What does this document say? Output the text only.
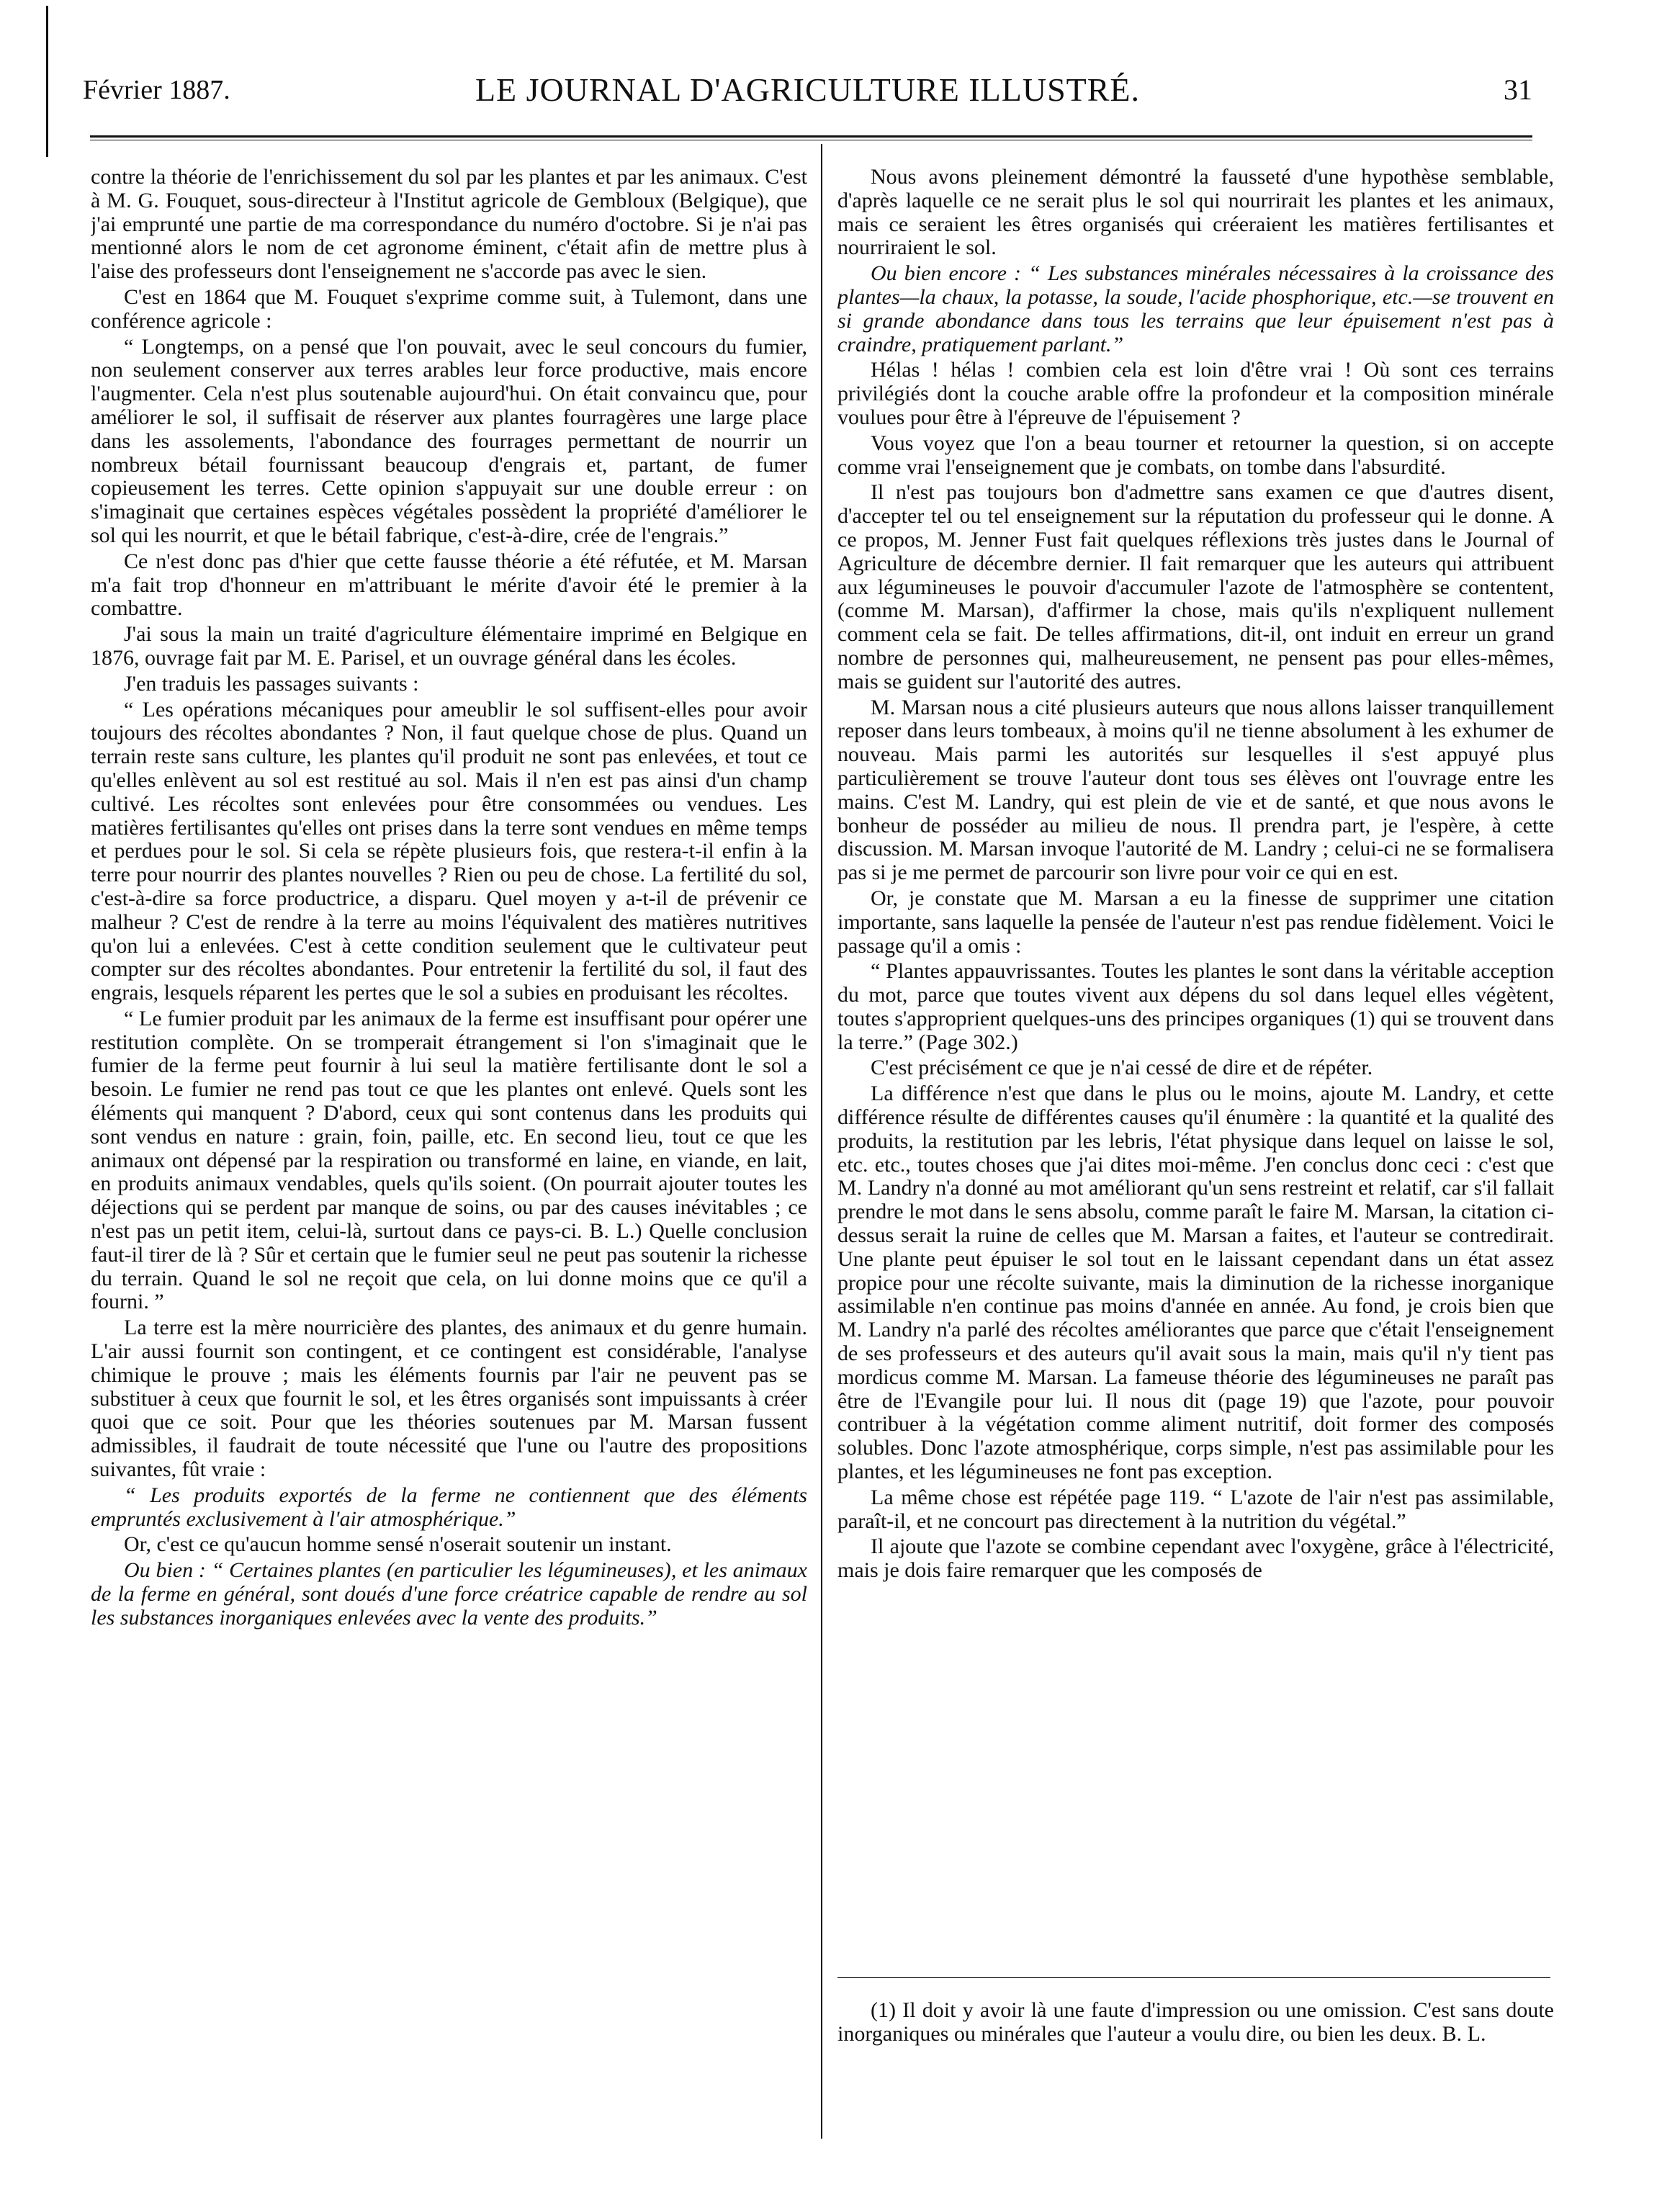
Février 1887.	LE JOURNAL D'AGRICULTURE ILLUSTRÉ.	31

contre la théorie de l'enrichissement du sol par les plantes et par les animaux. C'est à M. G. Fouquet, sous-directeur à l'Institut agricole de Gembloux (Belgique), que j'ai emprunté une partie de ma correspondance du numéro d'octobre. Si je n'ai pas mentionné alors le nom de cet agronome éminent, c'était afin de mettre plus à l'aise des professeurs dont l'enseignement ne s'accorde pas avec le sien.

C'est en 1864 que M. Fouquet s'exprime comme suit, à Tulemont, dans une conférence agricole :

“ Longtemps, on a pensé que l'on pouvait, avec le seul concours du fumier, non seulement conserver aux terres arables leur force productive, mais encore l'augmenter. Cela n'est plus soutenable aujourd'hui. On était convaincu que, pour améliorer le sol, il suffisait de réserver aux plantes fourragères une large place dans les assolements, l'abondance des fourrages permettant de nourrir un nombreux bétail fournissant beaucoup d'engrais et, partant, de fumer copieusement les terres. Cette opinion s'appuyait sur une double erreur : on s'imaginait que certaines espèces végétales possèdent la propriété d'améliorer le sol qui les nourrit, et que le bétail fabrique, c'est-à-dire, crée de l'engrais.”

Ce n'est donc pas d'hier que cette fausse théorie a été réfutée, et M. Marsan m'a fait trop d'honneur en m'attribuant le mérite d'avoir été le premier à la combattre.

J'ai sous la main un traité d'agriculture élémentaire imprimé en Belgique en 1876, ouvrage fait par M. E. Parisel, et un ouvrage général dans les écoles.

J'en traduis les passages suivants :

“ Les opérations mécaniques pour ameublir le sol suffisent-elles pour avoir toujours des récoltes abondantes ? Non, il faut quelque chose de plus. Quand un terrain reste sans culture, les plantes qu'il produit ne sont pas enlevées, et tout ce qu'elles enlèvent au sol est restitué au sol. Mais il n'en est pas ainsi d'un champ cultivé. Les récoltes sont enlevées pour être consommées ou vendues. Les matières fertilisantes qu'elles ont prises dans la terre sont vendues en même temps et perdues pour le sol. Si cela se répète plusieurs fois, que restera-t-il enfin à la terre pour nourrir des plantes nouvelles ? Rien ou peu de chose. La fertilité du sol, c'est-à-dire sa force productrice, a disparu. Quel moyen y a-t-il de prévenir ce malheur ? C'est de rendre à la terre au moins l'équivalent des matières nutritives qu'on lui a enlevées. C'est à cette condition seulement que le cultivateur peut compter sur des récoltes abondantes. Pour entretenir la fertilité du sol, il faut des engrais, lesquels réparent les pertes que le sol a subies en produisant les récoltes.

“ Le fumier produit par les animaux de la ferme est insuffisant pour opérer une restitution complète. On se tromperait étrangement si l'on s'imaginait que le fumier de la ferme peut fournir à lui seul la matière fertilisante dont le sol a besoin. Le fumier ne rend pas tout ce que les plantes ont enlevé. Quels sont les éléments qui manquent ? D'abord, ceux qui sont contenus dans les produits qui sont vendus en nature : grain, foin, paille, etc. En second lieu, tout ce que les animaux ont dépensé par la respiration ou transformé en laine, en viande, en lait, en produits animaux vendables, quels qu'ils soient. (On pourrait ajouter toutes les déjections qui se perdent par manque de soins, ou par des causes inévitables ; ce n'est pas un petit item, celui-là, surtout dans ce pays-ci. B. L.) Quelle conclusion faut-il tirer de là ? Sûr et certain que le fumier seul ne peut pas soutenir la richesse du terrain. Quand le sol ne reçoit que cela, on lui donne moins que ce qu'il a fourni. ”

La terre est la mère nourricière des plantes, des animaux et du genre humain. L'air aussi fournit son contingent, et ce contingent est considérable, l'analyse chimique le prouve ; mais les éléments fournis par l'air ne peuvent pas se substituer à ceux que fournit le sol, et les êtres organisés sont impuissants à créer quoi que ce soit. Pour que les théories soutenues par M. Marsan fussent admissibles, il faudrait de toute nécessité que l'une ou l'autre des propositions suivantes, fût vraie :

“ Les produits exportés de la ferme ne contiennent que des éléments empruntés exclusivement à l'air atmosphérique.”

Or, c'est ce qu'aucun homme sensé n'oserait soutenir un instant.

Ou bien : “ Certaines plantes (en particulier les légumineuses), et les animaux de la ferme en général, sont doués d'une force créatrice capable de rendre au sol les substances inorganiques enlevées avec la vente des produits.”

Nous avons pleinement démontré la fausseté d'une hypothèse semblable, d'après laquelle ce ne serait plus le sol qui nourrirait les plantes et les animaux, mais ce seraient les êtres organisés qui créeraient les matières fertilisantes et nourriraient le sol.

Ou bien encore : “ Les substances minérales nécessaires à la croissance des plantes—la chaux, la potasse, la soude, l'acide phosphorique, etc.—se trouvent en si grande abondance dans tous les terrains que leur épuisement n'est pas à craindre, pratiquement parlant.”

Hélas ! hélas ! combien cela est loin d'être vrai ! Où sont ces terrains privilégiés dont la couche arable offre la profondeur et la composition minérale voulues pour être à l'épreuve de l'épuisement ?

Vous voyez que l'on a beau tourner et retourner la question, si on accepte comme vrai l'enseignement que je combats, on tombe dans l'absurdité.

Il n'est pas toujours bon d'admettre sans examen ce que d'autres disent, d'accepter tel ou tel enseignement sur la réputation du professeur qui le donne. A ce propos, M. Jenner Fust fait quelques réflexions très justes dans le Journal of Agriculture de décembre dernier. Il fait remarquer que les auteurs qui attribuent aux légumineuses le pouvoir d'accumuler l'azote de l'atmosphère se contentent, (comme M. Marsan), d'affirmer la chose, mais qu'ils n'expliquent nullement comment cela se fait. De telles affirmations, dit-il, ont induit en erreur un grand nombre de personnes qui, malheureusement, ne pensent pas pour elles-mêmes, mais se guident sur l'autorité des autres.

M. Marsan nous a cité plusieurs auteurs que nous allons laisser tranquillement reposer dans leurs tombeaux, à moins qu'il ne tienne absolument à les exhumer de nouveau. Mais parmi les autorités sur lesquelles il s'est appuyé plus particulièrement se trouve l'auteur dont tous ses élèves ont l'ouvrage entre les mains. C'est M. Landry, qui est plein de vie et de santé, et que nous avons le bonheur de posséder au milieu de nous. Il prendra part, je l'espère, à cette discussion. M. Marsan invoque l'autorité de M. Landry ; celui-ci ne se formalisera pas si je me permet de parcourir son livre pour voir ce qui en est.

Or, je constate que M. Marsan a eu la finesse de supprimer une citation importante, sans laquelle la pensée de l'auteur n'est pas rendue fidèlement. Voici le passage qu'il a omis :

“ Plantes appauvrissantes. Toutes les plantes le sont dans la véritable acception du mot, parce que toutes vivent aux dépens du sol dans lequel elles végètent, toutes s'approprient quelques-uns des principes organiques (1) qui se trouvent dans la terre.” (Page 302.)

C'est précisément ce que je n'ai cessé de dire et de répéter.

La différence n'est que dans le plus ou le moins, ajoute M. Landry, et cette différence résulte de différentes causes qu'il énumère : la quantité et la qualité des produits, la restitution par les lebris, l'état physique dans lequel on laisse le sol, etc. etc., toutes choses que j'ai dites moi-même. J'en conclus donc ceci : c'est que M. Landry n'a donné au mot améliorant qu'un sens restreint et relatif, car s'il fallait prendre le mot dans le sens absolu, comme paraît le faire M. Marsan, la citation ci-dessus serait la ruine de celles que M. Marsan a faites, et l'auteur se contredirait. Une plante peut épuiser le sol tout en le laissant cependant dans un état assez propice pour une récolte suivante, mais la diminution de la richesse inorganique assimilable n'en continue pas moins d'année en année. Au fond, je crois bien que M. Landry n'a parlé des récoltes améliorantes que parce que c'était l'enseignement de ses professeurs et des auteurs qu'il avait sous la main, mais qu'il n'y tient pas mordicus comme M. Marsan. La fameuse théorie des légumineuses ne paraît pas être de l'Evangile pour lui. Il nous dit (page 19) que l'azote, pour pouvoir contribuer à la végétation comme aliment nutritif, doit former des composés solubles. Donc l'azote atmosphérique, corps simple, n'est pas assimilable pour les plantes, et les légumineuses ne font pas exception.

La même chose est répétée page 119. “ L'azote de l'air n'est pas assimilable, paraît-il, et ne concourt pas directement à la nutrition du végétal.”

Il ajoute que l'azote se combine cependant avec l'oxygène, grâce à l'électricité, mais je dois faire remarquer que les composés de

(1) Il doit y avoir là une faute d'impression ou une omission. C'est sans doute inorganiques ou minérales que l'auteur a voulu dire, ou bien les deux. B. L.
